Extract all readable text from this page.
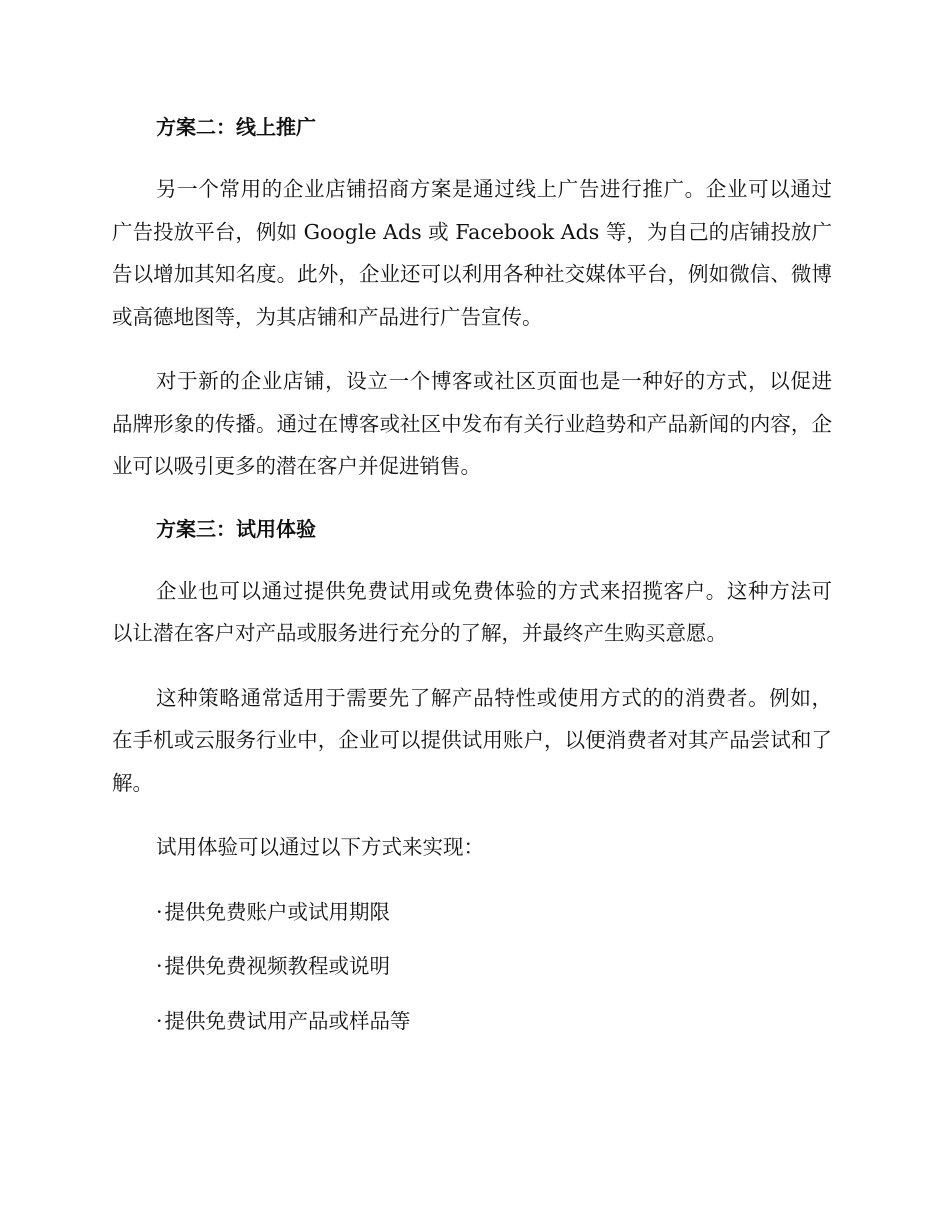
方案二：线上推广

另一个常用的企业店铺招商方案是通过线上广告进行推广。企业可以通过广告投放平台，例如 Google Ads 或 Facebook Ads 等，为自己的店铺投放广告以增加其知名度。此外，企业还可以利用各种社交媒体平台，例如微信、微博或高德地图等，为其店铺和产品进行广告宣传。

对于新的企业店铺，设立一个博客或社区页面也是一种好的方式，以促进品牌形象的传播。通过在博客或社区中发布有关行业趋势和产品新闻的内容，企业可以吸引更多的潜在客户并促进销售。

方案三：试用体验

企业也可以通过提供免费试用或免费体验的方式来招揽客户。这种方法可以让潜在客户对产品或服务进行充分的了解，并最终产生购买意愿。

这种策略通常适用于需要先了解产品特性或使用方式的的消费者。例如，在手机或云服务行业中，企业可以提供试用账户，以便消费者对其产品尝试和了解。

试用体验可以通过以下方式来实现：

·提供免费账户或试用期限
·提供免费视频教程或说明
·提供免费试用产品或样品等
